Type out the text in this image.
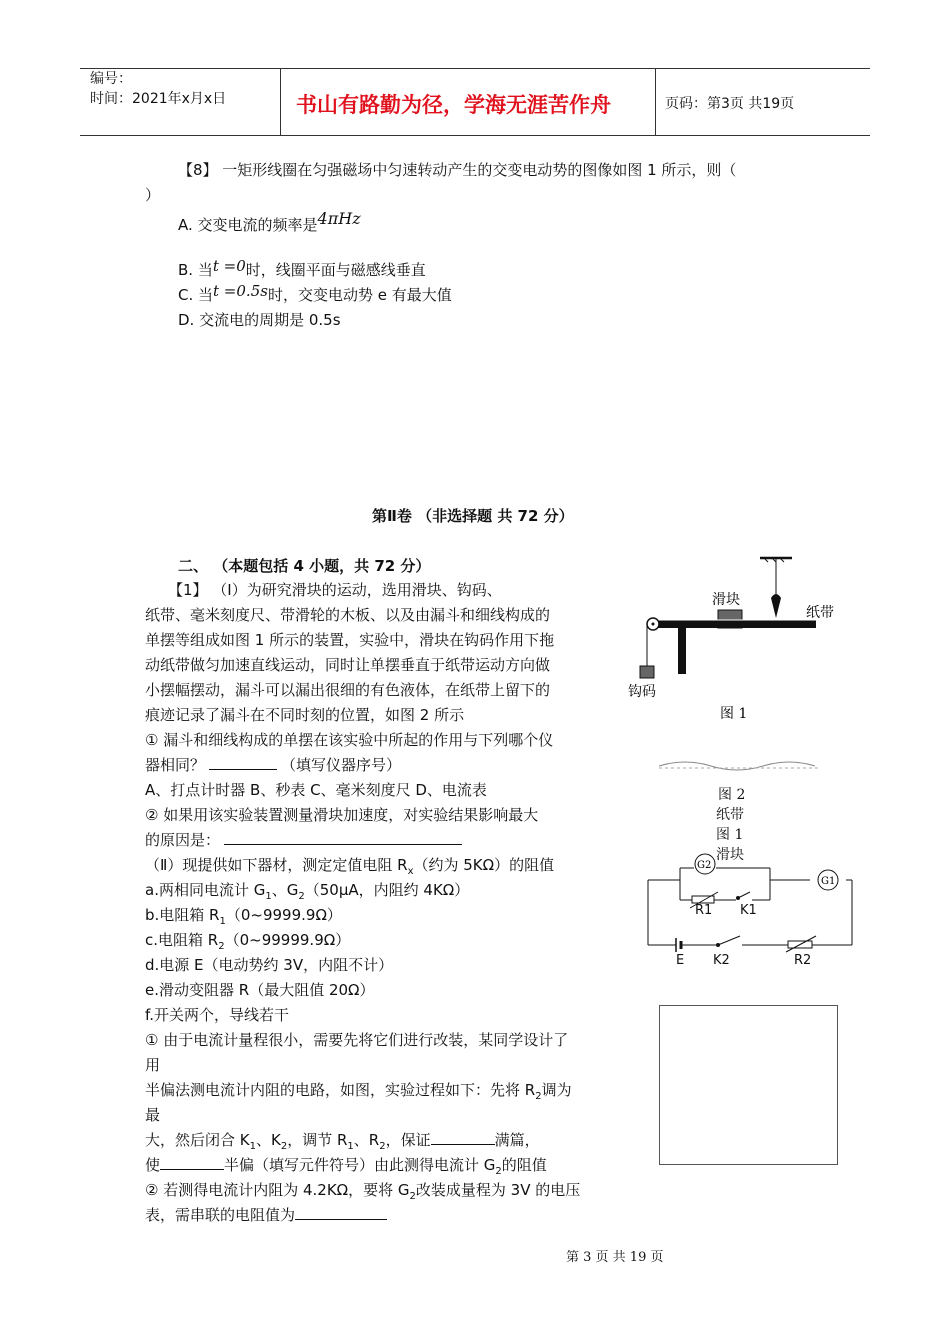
编号：
时间：2021年x月x日	书山有路勤为径，学海无涯苦作舟	页码：第3页 共19页
【8】 一矩形线圈在匀强磁场中匀速转动产生的交变电动势的图像如图 1 所示，则（
）
A. 交变电流的频率是4πHz
B. 当t =0时，线圈平面与磁感线垂直
C. 当t =0.5s时，交变电动势 e 有最大值
D. 交流电的周期是 0.5s
第Ⅱ卷 （非选择题 共 72 分）
二、 （本题包括 4 小题，共 72 分）
【1】 （Ⅰ）为研究滑块的运动，选用滑块、钩码、
纸带、毫米刻度尺、带滑轮的木板、以及由漏斗和细线构成的
单摆等组成如图 1 所示的装置，实验中，滑块在钩码作用下拖
动纸带做匀加速直线运动，同时让单摆垂直于纸带运动方向做
小摆幅摆动，漏斗可以漏出很细的有色液体，在纸带上留下的
痕迹记录了漏斗在不同时刻的位置，如图 2 所示
① 漏斗和细线构成的单摆在该实验中所起的作用与下列哪个仪
器相同？	（填写仪器序号）
A、打点计时器 B、秒表 C、毫米刻度尺 D、电流表
② 如果用该实验装置测量滑块加速度，对实验结果影响最大
的原因是：
（Ⅱ）现提供如下器材，测定定值电阻 $R_x$（约为 5KΩ）的阻值
a.两相同电流计 $G_1$、$G_2(50\mu A$，内阻约 4KΩ）
b.电阻箱 $R_1(0\sim 9999.9\Omega)$
c.电阻箱 $R_2(0\sim 99999.9\Omega)$
d.电源 E（电动势约 3V，内阻不计）
e.滑动变阻器 R（最大阻值 20Ω）
f.开关两个，导线若干
① 由于电流计量程很小，需要先将它们进行改装，某同学设计了
用
半偏法测电流计内阻的电路，如图，实验过程如下：先将 $R_2$调为
最
大，然后闭合 $K_1$、$K_2$，调节 $R_1$、$R_2$，保证	满篇，
使	半偏（填写元件符号）由此测得电流计 $G_2$的阻值
② 若测得电流计内阻为 4.2KΩ，要将 $G_2$改装成量程为 3V 的电压
表，需串联的电阻值为
滑块
纸带
钩码
图 1
图 2
纸带
图 1
滑块
G2
G1
R1 K1
E K2	R2
第 3 页 共 19 页
